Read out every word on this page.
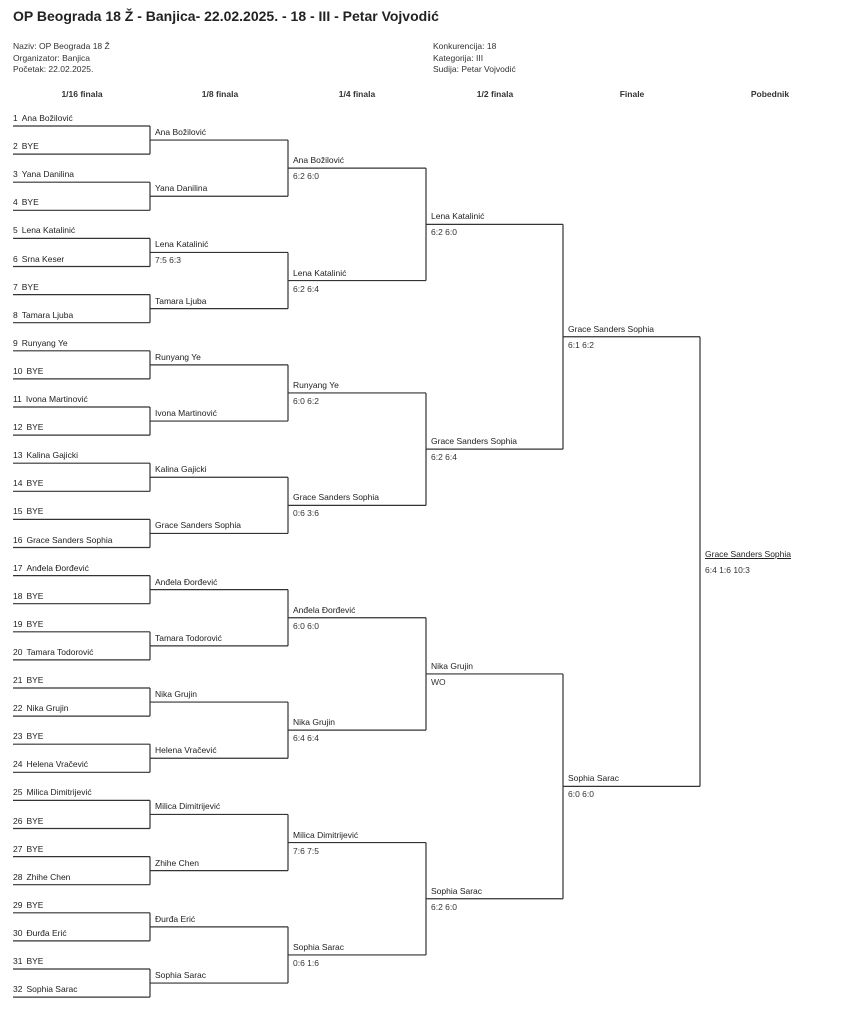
OP Beograda 18 Ž - Banjica- 22.02.2025. - 18 - III - Petar Vojvodić
Naziv: OP Beograda 18 Ž
Organizator: Banjica
Početak: 22.02.2025.
Konkurencija: 18
Kategorija: III
Sudija: Petar Vojvodić
1/16 finala	1/8 finala	1/4 finala	1/2 finala	Finale	Pobednik
1 Ana Božilović
2 BYE
3 Yana Danilina
4 BYE
5 Lena Katalinić
6 Srna Keser
7 BYE
8 Tamara Ljuba
9 Runyang Ye
10 BYE
11 Ivona Martinović
12 BYE
13 Kalina Gajicki
14 BYE
15 BYE
16 Grace Sanders Sophia
17 Anđela Đorđević
18 BYE
19 BYE
20 Tamara Todorović
21 BYE
22 Nika Grujin
23 BYE
24 Helena Vračević
25 Milica Dimitrijević
26 BYE
27 BYE
28 Zhihe Chen
29 BYE
30 Đurđa Erić
31 BYE
32 Sophia Sarac
Ana Božilović
Yana Danilina
Lena Katalinić
7:5 6:3
Tamara Ljuba
Runyang Ye
Ivona Martinović
Kalina Gajicki
Grace Sanders Sophia
Anđela Đorđević
Tamara Todorović
Nika Grujin
Helena Vračević
Milica Dimitrijević
Zhihe Chen
Đurđa Erić
Sophia Sarac
Ana Božilović
6:2 6:0
Lena Katalinić
6:2 6:4
Runyang Ye
6:0 6:2
Grace Sanders Sophia
0:6 3:6
Anđela Đorđević
6:0 6:0
Nika Grujin
6:4 6:4
Milica Dimitrijević
7:6 7:5
Sophia Sarac
0:6 1:6
Lena Katalinić
6:2 6:0
Grace Sanders Sophia
6:2 6:4
Nika Grujin
WO
Sophia Sarac
6:2 6:0
Grace Sanders Sophia
6:1 6:2
Sophia Sarac
6:0 6:0
Grace Sanders Sophia
6:4 1:6 10:3
